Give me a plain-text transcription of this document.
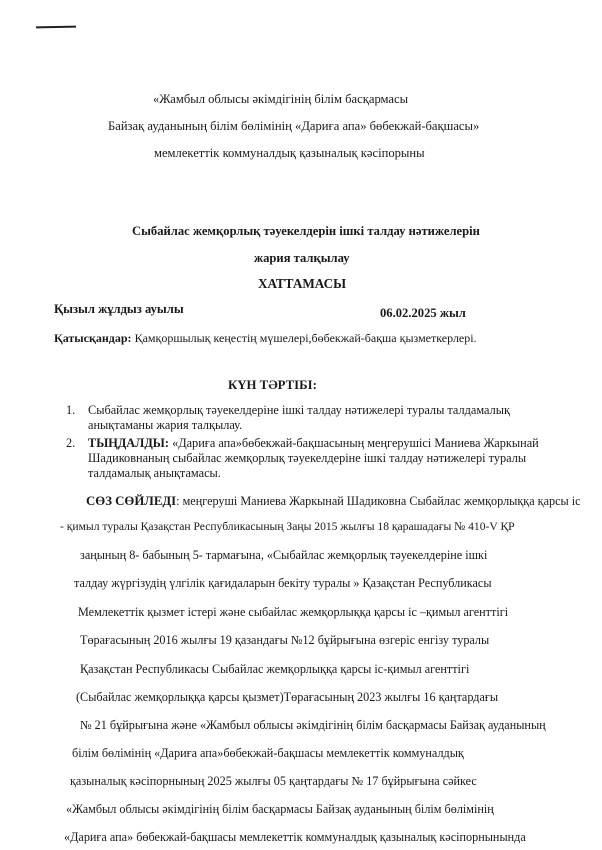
«Жамбыл облысы әкімдігінің білім басқармасы
Байзақ ауданының білім бөлімінің «Дариға апа» бөбекжай-бақшасы»
мемлекеттік коммуналдық қазыналық кәсіпорыны
Сыбайлас жемқорлық тәуекелдерін ішкі талдау нәтижелерін
жария талқылау
ХАТТАМАСЫ
Қызыл жұлдыз ауылы	06.02.2025 жыл
Қатысқандар: Қамқоршылық кеңестің мүшелері,бөбекжай-бақша қызметкерлері.
КҮН ТӘРТІБІ:
1. Сыбайлас жемқорлық тәуекелдеріне ішкі талдау нәтижелері туралы талдамалық анықтаманы жария талқылау.
2. ТЫҢДАЛДЫ: «Дариға апа»бөбекжай-бақшасының меңгерушісі Маниева Жаркынай Шадиковнаның сыбайлас жемқорлық тәуекелдеріне ішкі талдау нәтижелері туралы талдамалық анықтамасы.
СӨЗ СӨЙЛЕДІ: меңгеруші Маниева Жаркынай Шадиковна Сыбайлас жемқорлыққа қарсы іс
- қимыл туралы Қазақстан Республикасының Заңы 2015 жылғы 18 қарашадағы № 410-V ҚР
заңының 8- бабының 5- тармағына, «Сыбайлас жемқорлық тәуекелдеріне ішкі
талдау жүргізудің үлгілік қағидаларын бекіту туралы » Қазақстан Республикасы
Мемлекеттік қызмет істері және сыбайлас жемқорлыққа қарсы іс –қимыл агенттігі
Төрағасының 2016 жылғы 19 қазандағы №12 бұйрығына өзгеріс енгізу туралы
Қазақстан Республикасы Сыбайлас жемқорлыққа қарсы іс-қимыл агенттігі
(Сыбайлас жемқорлыққа қарсы қызмет)Төрағасының 2023 жылғы 16 қаңтардағы
№ 21 бұйрығына және «Жамбыл облысы әкімдігінің білім басқармасы Байзақ ауданының
білім бөлімінің «Дариға апа»бөбекжай-бақшасы мемлекеттік коммуналдық
қазыналық кәсіпорнының 2025 жылғы 05 қаңтардағы № 17 бұйрығына сәйкес
«Жамбыл облысы әкімдігінің білім басқармасы Байзақ ауданының білім бөлімінің
«Дариға апа» бөбекжай-бақшасы мемлекеттік коммуналдық қазыналық кәсіпорнынында
